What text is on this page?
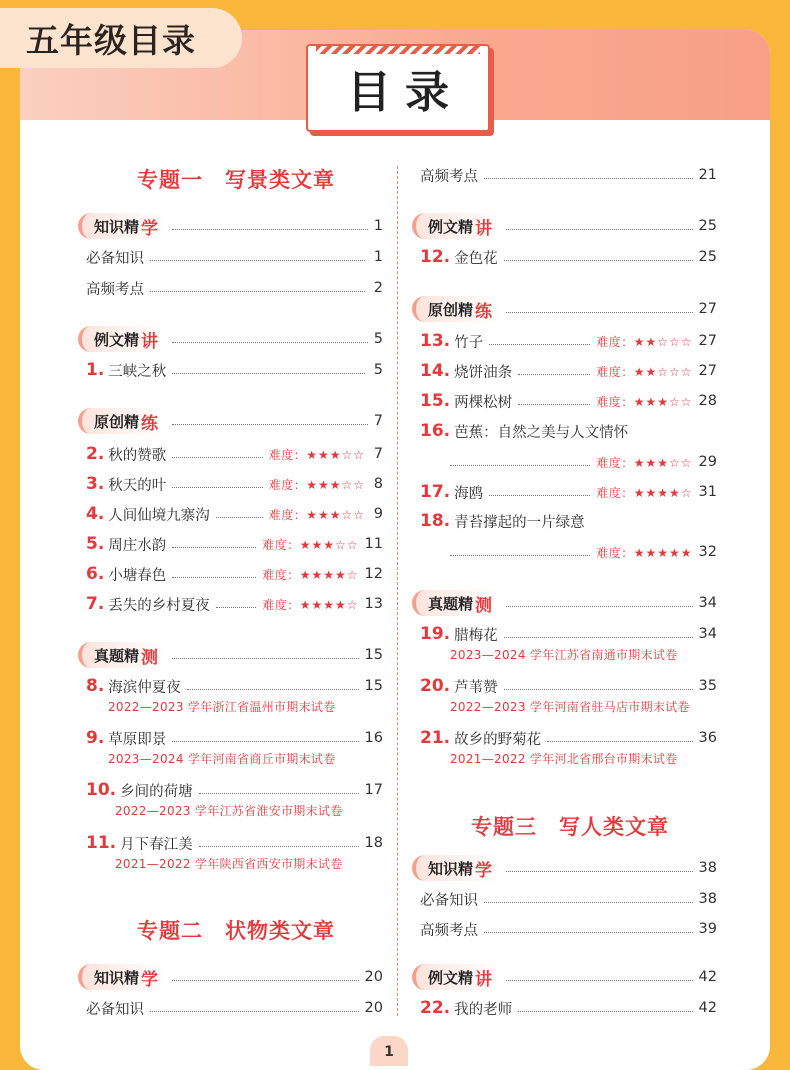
五年级目录
目录
专题一　写景类文章
知识精 学	1
必备知识	1
高频考点	2
例文精 讲	5
1. 三峡之秋	5
原创精 练	7
2. 秋的赞歌	难度：★★★☆☆ 7
3. 秋天的叶	难度：★★★☆☆ 8
4. 人间仙境九寨沟	难度：★★★☆☆ 9
5. 周庄水韵	难度：★★★☆☆ 11
6. 小塘春色	难度：★★★★☆ 12
7. 丢失的乡村夏夜	难度：★★★★☆ 13
真题精 测	15
8. 海滨仲夏夜	15
2022—2023 学年浙江省温州市期末试卷
9. 草原即景	16
2023—2024 学年河南省商丘市期末试卷
10. 乡间的荷塘	17
2022—2023 学年江苏省淮安市期末试卷
11. 月下春江美	18
2021—2022 学年陕西省西安市期末试卷
专题二　状物类文章
知识精 学	20
必备知识	20
高频考点	21
例文精 讲	25
12. 金色花	25
原创精 练	27
13. 竹子	难度：★★☆☆☆ 27
14. 烧饼油条	难度：★★☆☆☆ 27
15. 两棵松树	难度：★★★☆☆ 28
16. 芭蕉：自然之美与人文情怀
难度：★★★☆☆ 29
17. 海鸥	难度：★★★★☆ 31
18. 青苔撑起的一片绿意
难度：★★★★★ 32
真题精 测	34
19. 腊梅花	34
2023—2024 学年江苏省南通市期末试卷
20. 芦苇赞	35
2022—2023 学年河南省驻马店市期末试卷
21. 故乡的野菊花	36
2021—2022 学年河北省邢台市期末试卷
专题三　写人类文章
知识精 学	38
必备知识	38
高频考点	39
例文精 讲	42
22. 我的老师	42
1
